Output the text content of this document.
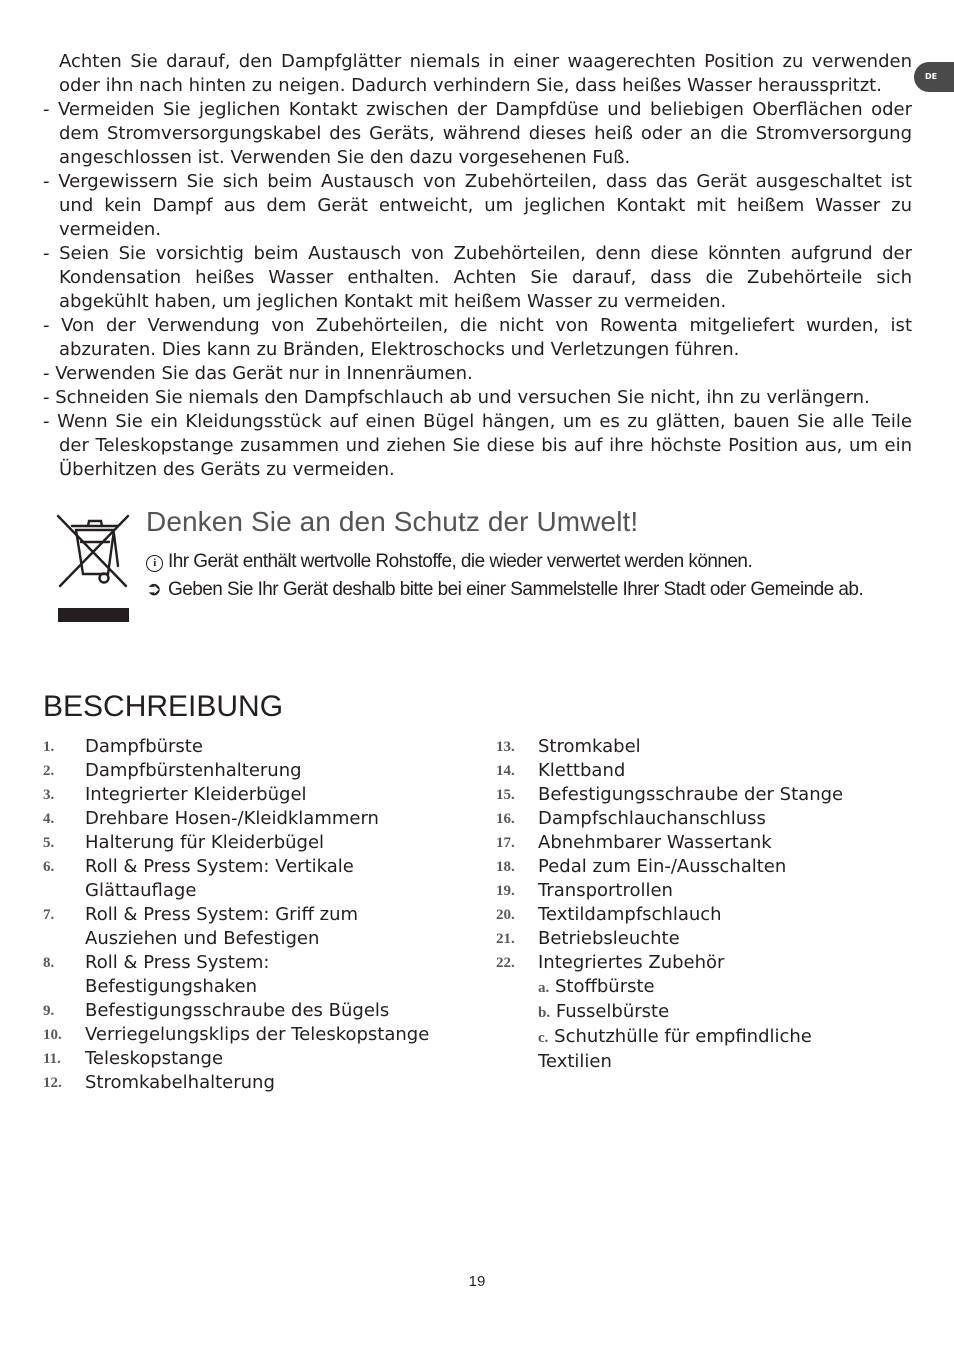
DE

Achten Sie darauf, den Dampfglätter niemals in einer waagerechten Position zu verwenden oder ihn nach hinten zu neigen. Dadurch verhindern Sie, dass heißes Wasser herausspritzt.

- Vermeiden Sie jeglichen Kontakt zwischen der Dampfdüse und beliebigen Oberflächen oder dem Stromversorgungskabel des Geräts, während dieses heiß oder an die Stromversorgung angeschlossen ist. Verwenden Sie den dazu vorgesehenen Fuß.

- Vergewissern Sie sich beim Austausch von Zubehörteilen, dass das Gerät ausgeschaltet ist und kein Dampf aus dem Gerät entweicht, um jeglichen Kontakt mit heißem Wasser zu vermeiden.

- Seien Sie vorsichtig beim Austausch von Zubehörteilen, denn diese könnten aufgrund der Kondensation heißes Wasser enthalten. Achten Sie darauf, dass die Zubehörteile sich abgekühlt haben, um jeglichen Kontakt mit heißem Wasser zu vermeiden.

- Von der Verwendung von Zubehörteilen, die nicht von Rowenta mitgeliefert wurden, ist abzuraten. Dies kann zu Bränden, Elektroschocks und Verletzungen führen.

- Verwenden Sie das Gerät nur in Innenräumen.

- Schneiden Sie niemals den Dampfschlauch ab und versuchen Sie nicht, ihn zu verlängern.

- Wenn Sie ein Kleidungsstück auf einen Bügel hängen, um es zu glätten, bauen Sie alle Teile der Teleskopstange zusammen und ziehen Sie diese bis auf ihre höchste Position aus, um ein Überhitzen des Geräts zu vermeiden.

Denken Sie an den Schutz der Umwelt!

i Ihr Gerät enthält wertvolle Rohstoffe, die wieder verwertet werden können.

➲ Geben Sie Ihr Gerät deshalb bitte bei einer Sammelstelle Ihrer Stadt oder Gemeinde ab.

BESCHREIBUNG
1. Dampfbürste
2. Dampfbürstenhalterung
3. Integrierter Kleiderbügel
4. Drehbare Hosen-/Kleidklammern
5. Halterung für Kleiderbügel
6. Roll & Press System: Vertikale Glättauflage
7. Roll & Press System: Griff zum Ausziehen und Befestigen
8. Roll & Press System: Befestigungshaken
9. Befestigungsschraube des Bügels
10. Verriegelungsklips der Teleskopstange
11. Teleskopstange
12. Stromkabelhalterung
13. Stromkabel
14. Klettband
15. Befestigungsschraube der Stange
16. Dampfschlauchanschluss
17. Abnehmbarer Wassertank
18. Pedal zum Ein-/Ausschalten
19. Transportrollen
20. Textildampfschlauch
21. Betriebsleuchte
22. Integriertes Zubehör
a. Stoffbürste
b. Fusselbürste
c. Schutzhülle für empfindliche Textilien
19
